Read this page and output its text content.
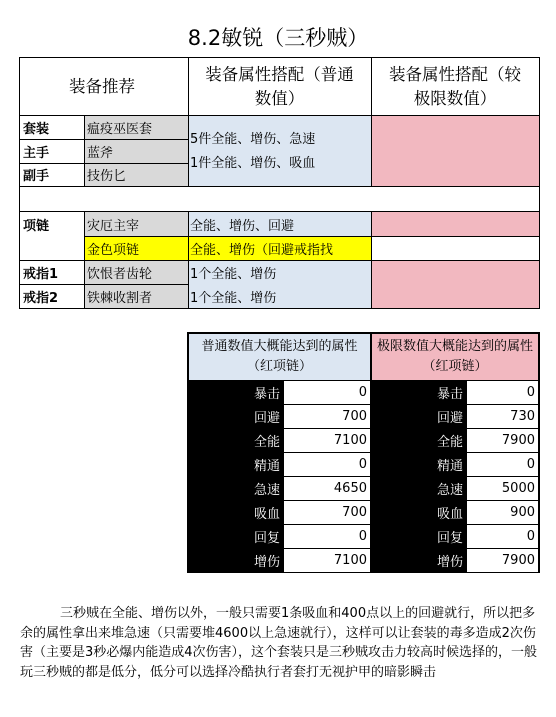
8.2敏锐（三秒贼）
装备推荐
装备属性搭配（普通数值）
装备属性搭配（较极限数值）
套装	瘟疫巫医套
主手	蓝斧
副手	技伤匕
5件全能、增伤、急速
1件全能、增伤、吸血
项链	灾厄主宰	全能、增伤、回避
金色项链	全能、增伤（回避戒指找
戒指1	饮恨者齿轮	1个全能、增伤
戒指2	铁棘收割者	1个全能、增伤
普通数值大概能达到的属性（红项链）
极限数值大概能达到的属性（红项链）
暴击	0	暴击	0
回避	700	回避	730
全能	7100	全能	7900
精通	0	精通	0
急速	4650	急速	5000
吸血	700	吸血	900
回复	0	回复	0
增伤	7100	增伤	7900
三秒贼在全能、增伤以外，一般只需要1条吸血和400点以上的回避就行，所以把多余的属性拿出来堆急速（只需要堆4600以上急速就行），这样可以让套装的毒多造成2次伤害（主要是3秒必爆内能造成4次伤害），这个套装只是三秒贼攻击力较高时候选择的，一般玩三秒贼的都是低分，低分可以选择冷酷执行者套打无视护甲的暗影瞬击
